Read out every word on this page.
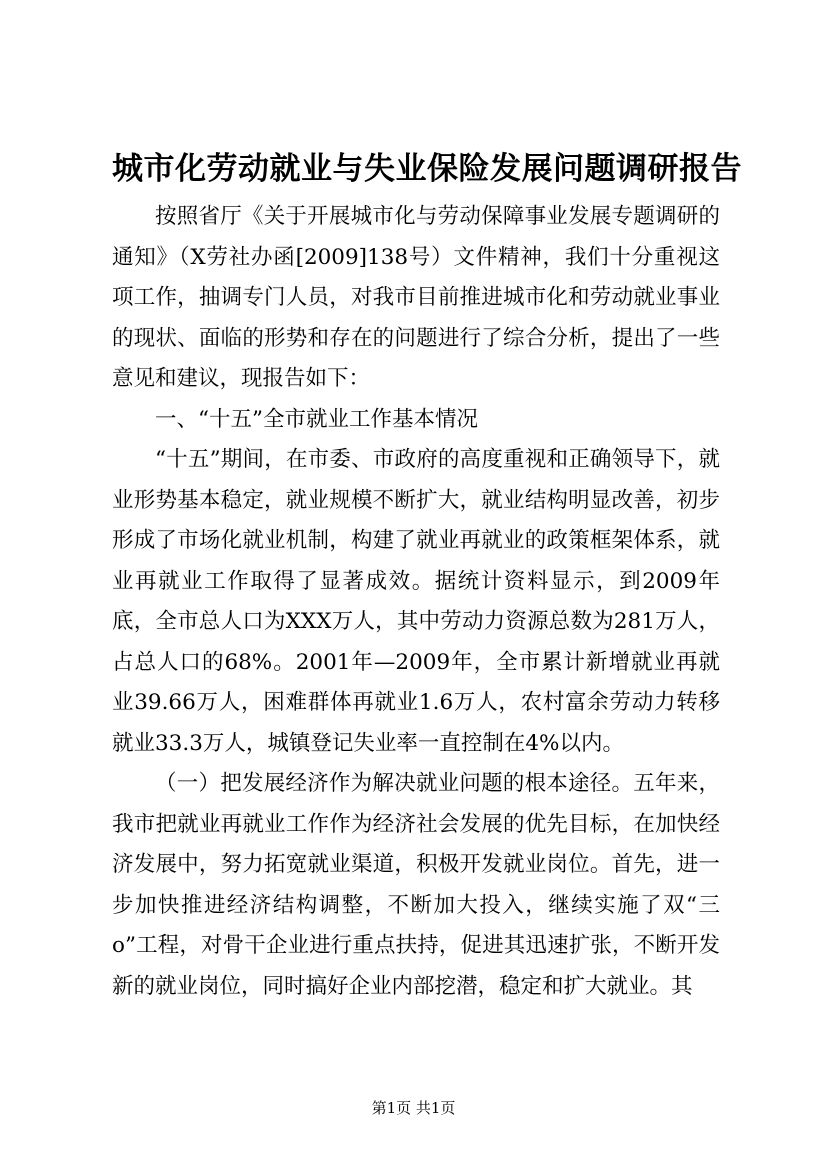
城市化劳动就业与失业保险发展问题调研报告

按照省厅《关于开展城市化与劳动保障事业发展专题调研的通知》（X劳社办函[2009]138号）文件精神，我们十分重视这项工作，抽调专门人员，对我市目前推进城市化和劳动就业事业的现状、面临的形势和存在的问题进行了综合分析，提出了一些意见和建议，现报告如下：

一、“十五”全市就业工作基本情况

“十五”期间，在市委、市政府的高度重视和正确领导下，就业形势基本稳定，就业规模不断扩大，就业结构明显改善，初步形成了市场化就业机制，构建了就业再就业的政策框架体系，就业再就业工作取得了显著成效。据统计资料显示，到2009年底，全市总人口为XXX万人，其中劳动力资源总数为281万人，占总人口的68%。2001年—2009年，全市累计新增就业再就业39.66万人，困难群体再就业1.6万人，农村富余劳动力转移就业33.3万人，城镇登记失业率一直控制在4%以内。

（一）把发展经济作为解决就业问题的根本途径。五年来，我市把就业再就业工作作为经济社会发展的优先目标，在加快经济发展中，努力拓宽就业渠道，积极开发就业岗位。首先，进一步加快推进经济结构调整，不断加大投入，继续实施了双“三o”工程，对骨干企业进行重点扶持，促进其迅速扩张，不断开发新的就业岗位，同时搞好企业内部挖潜，稳定和扩大就业。其

第1页 共1页
